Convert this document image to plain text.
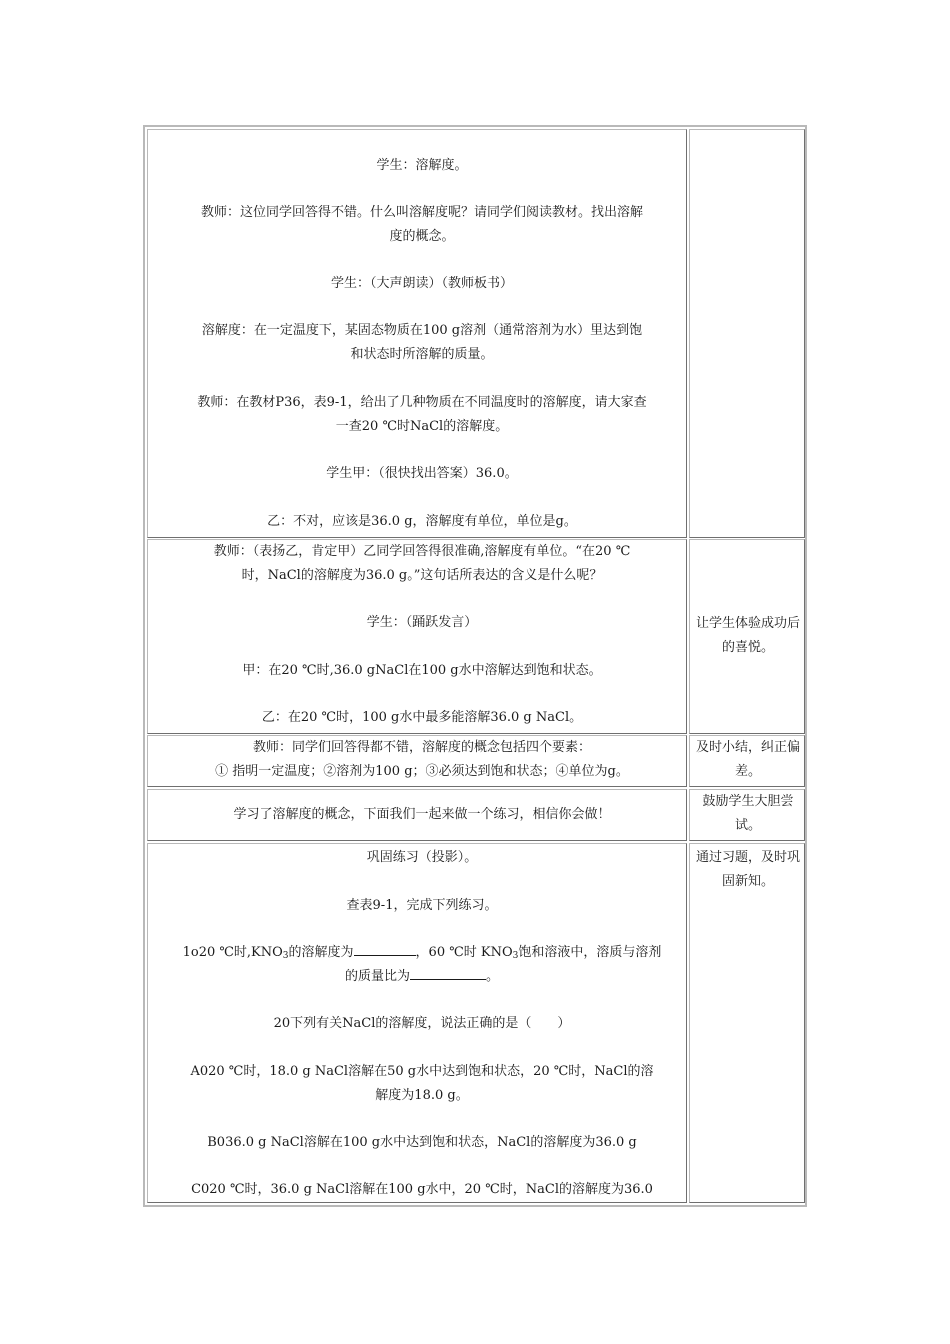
学生：溶解度。

教师：这位同学回答得不错。什么叫溶解度呢？请同学们阅读教材。找出溶解

度的概念。

学生：（大声朗读）（教师板书）

溶解度：在一定温度下，某固态物质在100 g溶剂（通常溶剂为水）里达到饱

和状态时所溶解的质量。

教师：在教材P36，表9-1，给出了几种物质在不同温度时的溶解度，请大家查

一查20 ℃时NaCl的溶解度。

学生甲：（很快找出答案）36.0。

乙：不对，应该是36.0 g，溶解度有单位，单位是g。

教师：（表扬乙，肯定甲）乙同学回答得很准确,溶解度有单位。“在20 ℃

时，NaCl的溶解度为36.0 g。”这句话所表达的含义是什么呢？

学生：（踊跃发言）

甲：在20 ℃时,36.0 gNaCl在100 g水中溶解达到饱和状态。

乙：在20 ℃时，100 g水中最多能溶解36.0 g NaCl。

让学生体验成功后的喜悦。

教师：同学们回答得都不错，溶解度的概念包括四个要素：

① 指明一定温度；②溶剂为100 g；③必须达到饱和状态；④单位为g。

及时小结，纠正偏差。

学习了溶解度的概念，下面我们一起来做一个练习，相信你会做！

鼓励学生大胆尝试。

巩固练习（投影）。

查表9-1，完成下列练习。

1o20 ℃时$,KNO_3$的溶解度为	，60 ℃时 $KNO_3$饱和溶液中，溶质与溶剂

的质量比为	。

20下列有关NaCl的溶解度，说法正确的是（　　）

A020 ℃时，18.0 g NaCl溶解在50 g水中达到饱和状态，20 ℃时，NaCl的溶

解度为18.0 g。

B036.0 g NaCl溶解在100 g水中达到饱和状态，NaCl的溶解度为36.0 g

C020 ℃时，36.0 g NaCl溶解在100 g水中，20 ℃时，NaCl的溶解度为36.0

通过习题，及时巩固新知。
